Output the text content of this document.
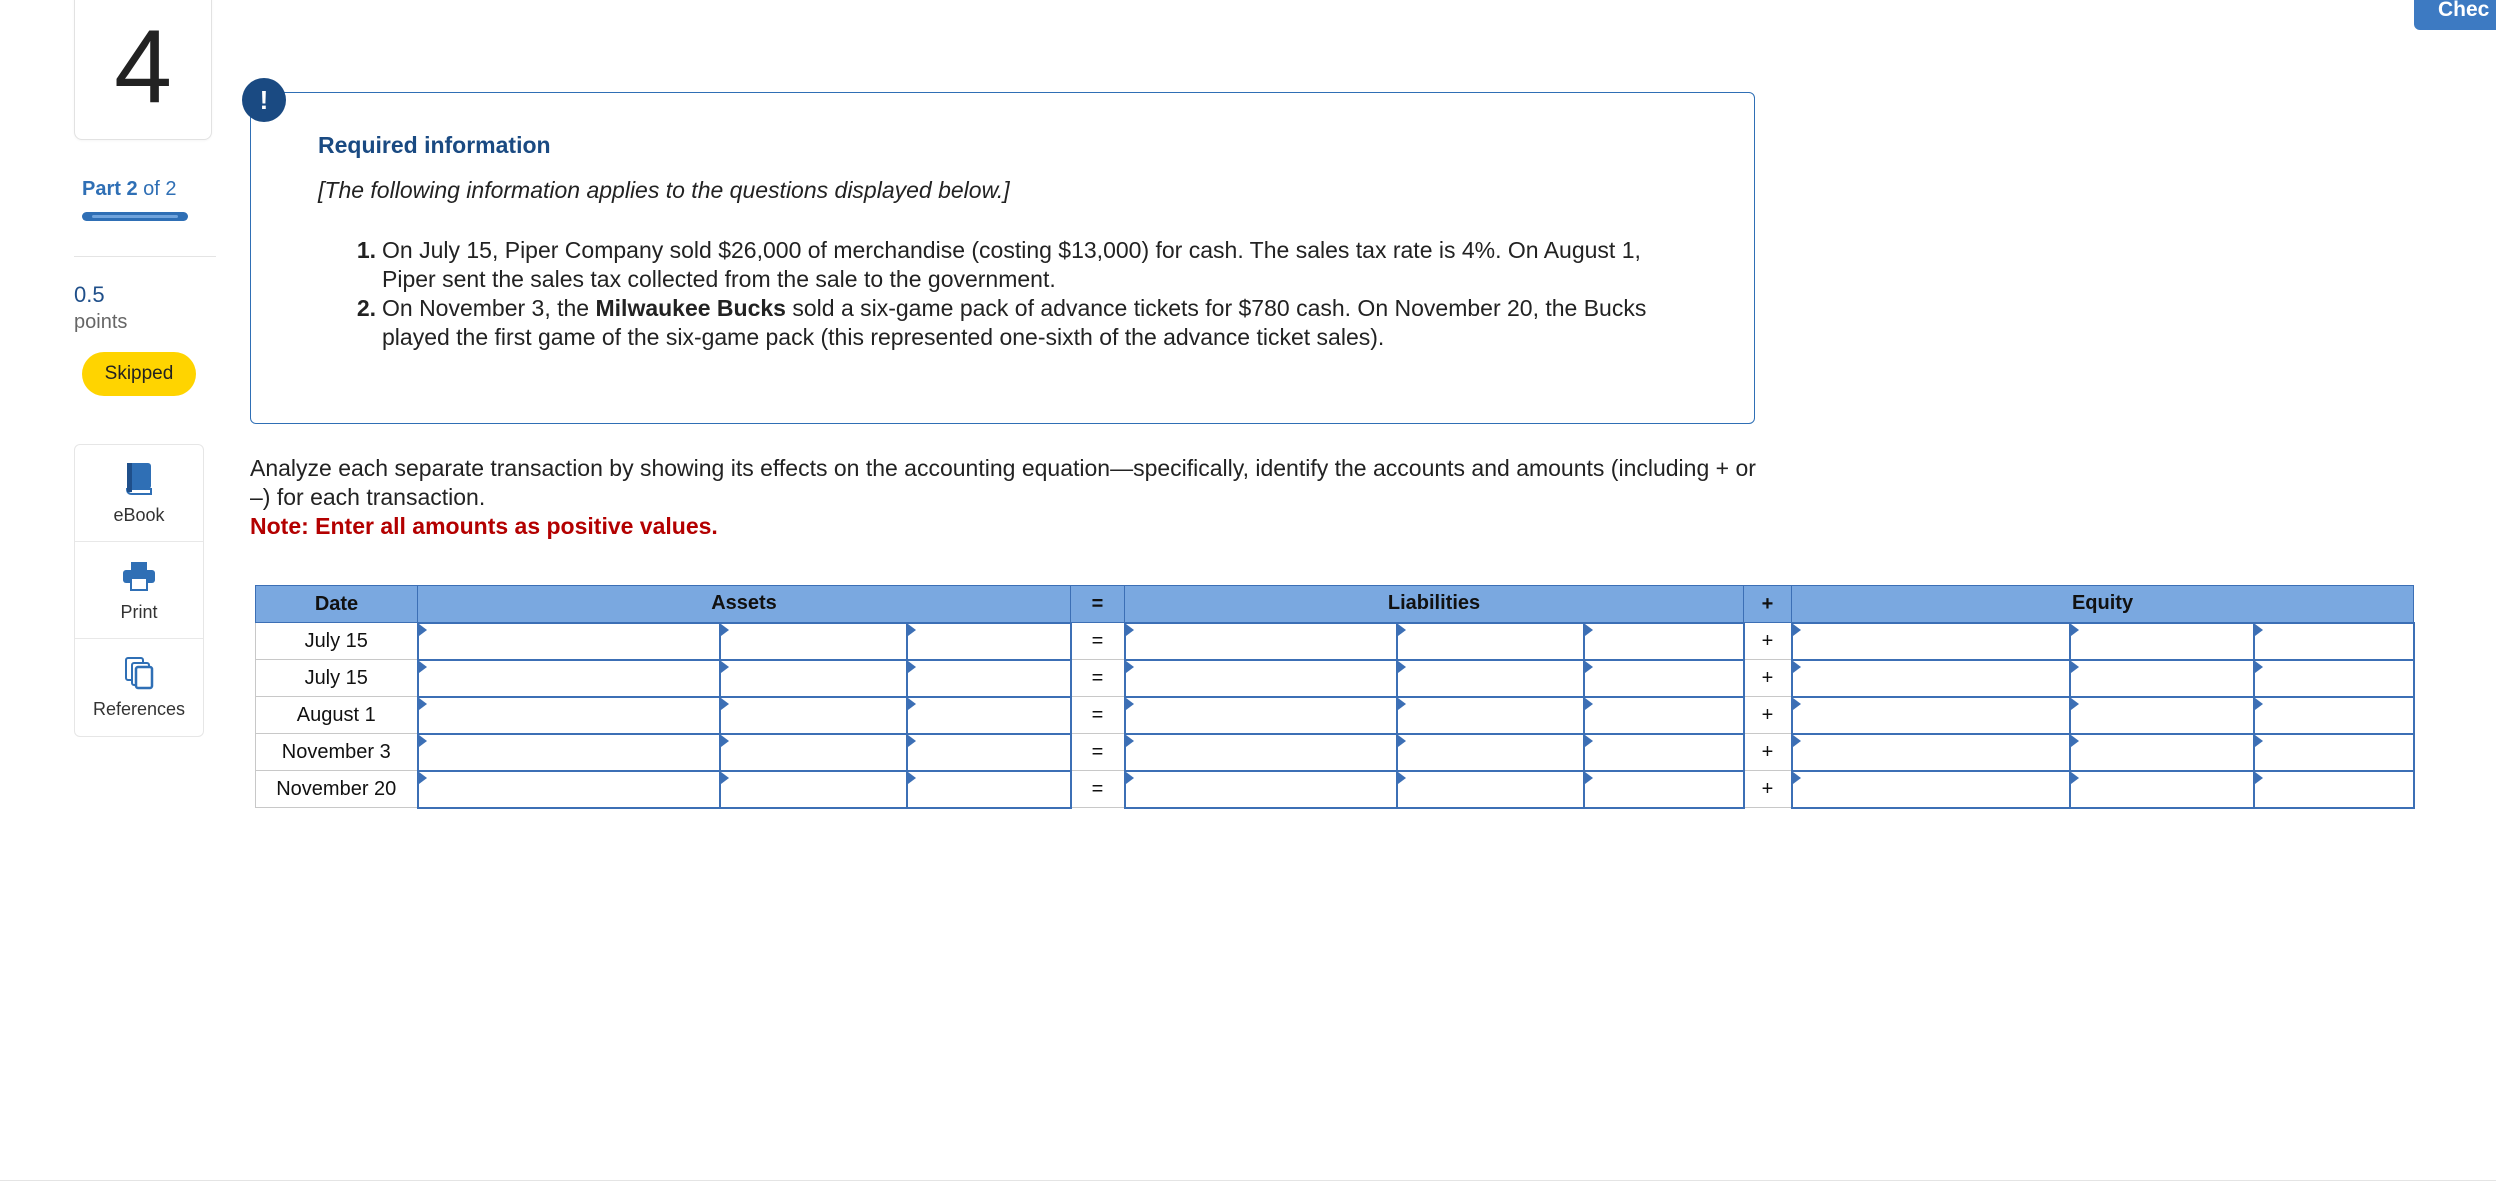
4
Part 2 of 2
0.5
points
Skipped
eBook
Print
References
Chec
!
Required information
[The following information applies to the questions displayed below.]
1. On July 15, Piper Company sold $26,000 of merchandise (costing $13,000) for cash. The sales tax rate is 4%. On August 1, Piper sent the sales tax collected from the sale to the government.
2. On November 3, the Milwaukee Bucks sold a six-game pack of advance tickets for $780 cash. On November 20, the Bucks played the first game of the six-game pack (this represented one-sixth of the advance ticket sales).
Analyze each separate transaction by showing its effects on the accounting equation—specifically, identify the accounts and amounts (including + or –) for each transaction.
Note: Enter all amounts as positive values.
Date	Assets			=	Liabilities			+	Equity		
July 15				=				+			
July 15				=				+			
August 1				=				+			
November 3				=				+			
November 20				=				+			
